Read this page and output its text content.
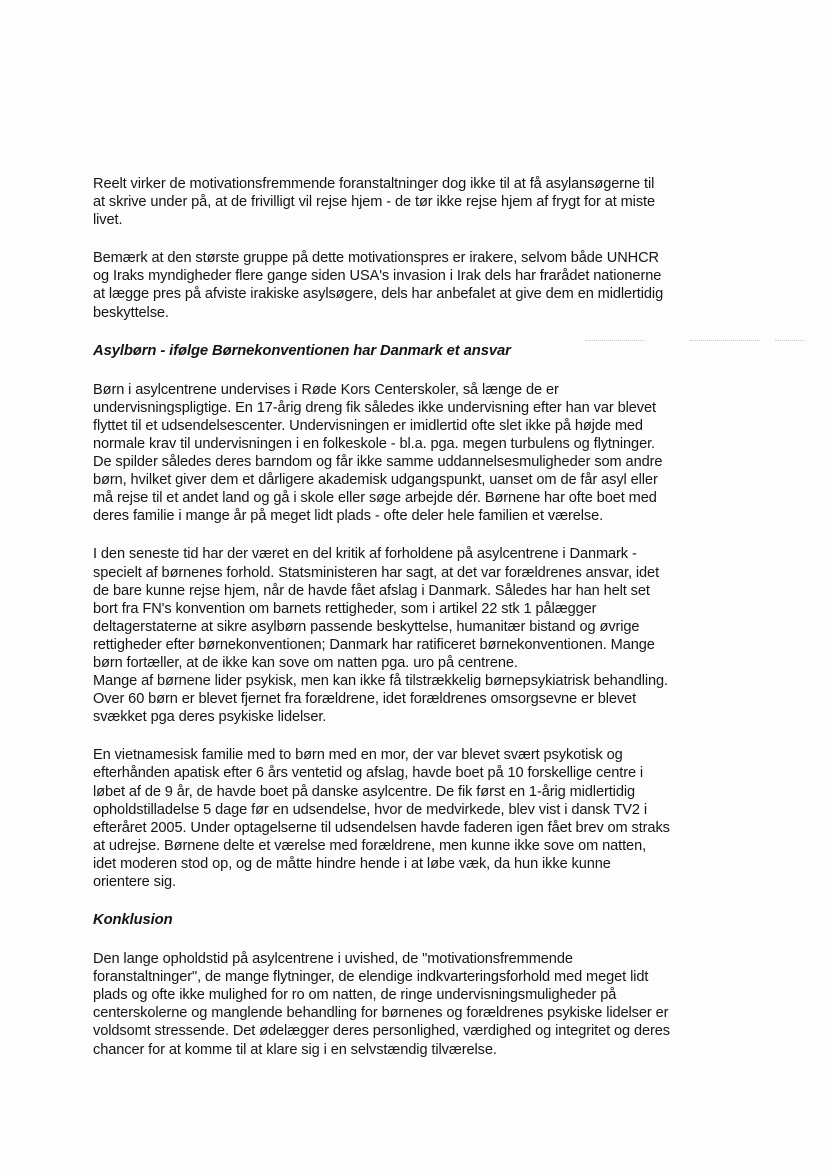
Reelt virker de motivationsfremmende foranstaltninger dog ikke til at få asylansøgerne til
at skrive under på, at de frivilligt vil rejse hjem - de tør ikke rejse hjem af frygt for at miste
livet.
Bemærk at den største gruppe på dette motivationspres er irakere, selvom både UNHCR
og Iraks myndigheder flere gange siden USA's invasion i Irak dels har frarådet nationerne
at lægge pres på afviste irakiske asylsøgere, dels har anbefalet at give dem en midlertidig
beskyttelse.
Asylbørn - ifølge Børnekonventionen har Danmark et ansvar
Børn i asylcentrene undervises i Røde Kors Centerskoler, så længe de er
undervisningspligtige. En 17-årig dreng fik således ikke undervisning efter han var blevet
flyttet til et udsendelsescenter. Undervisningen er imidlertid ofte slet ikke på højde med
normale krav til undervisningen i en folkeskole - bl.a. pga. megen turbulens og flytninger.
De spilder således deres barndom og får ikke samme uddannelsesmuligheder som andre
børn, hvilket giver dem et dårligere akademisk udgangspunkt, uanset om de får asyl eller
må rejse til et andet land og gå i skole eller søge arbejde dér. Børnene har ofte boet med
deres familie i mange år på meget lidt plads - ofte deler hele familien et værelse.
I den seneste tid har der været en del kritik af forholdene på asylcentrene i Danmark -
specielt af børnenes forhold. Statsministeren har sagt, at det var forældrenes ansvar, idet
de bare kunne rejse hjem, når de havde fået afslag i Danmark. Således har han helt set
bort fra FN's konvention om barnets rettigheder, som i artikel 22 stk 1 pålægger
deltagerstaterne at sikre asylbørn passende beskyttelse, humanitær bistand og øvrige
rettigheder efter børnekonventionen; Danmark har ratificeret børnekonventionen. Mange
børn fortæller, at de ikke kan sove om natten pga. uro på centrene.
Mange af børnene lider psykisk, men kan ikke få tilstrækkelig børnepsykiatrisk behandling.
Over 60 børn er blevet fjernet fra forældrene, idet forældrenes omsorgsevne er blevet
svækket pga deres psykiske lidelser.
En vietnamesisk familie med to børn med en mor, der var blevet svært psykotisk og
efterhånden apatisk efter 6 års ventetid og afslag, havde boet på 10 forskellige centre i
løbet af de 9 år, de havde boet på danske asylcentre. De fik først en 1-årig midlertidig
opholdstilladelse 5 dage før en udsendelse, hvor de medvirkede, blev vist i dansk TV2 i
efteråret 2005. Under optagelserne til udsendelsen havde faderen igen fået brev om straks
at udrejse. Børnene delte et værelse med forældrene, men kunne ikke sove om natten,
idet moderen stod op, og de måtte hindre hende i at løbe væk, da hun ikke kunne
orientere sig.
Konklusion
Den lange opholdstid på asylcentrene i uvished, de "motivationsfremmende
foranstaltninger", de mange flytninger, de elendige indkvarteringsforhold med meget lidt
plads og ofte ikke mulighed for ro om natten, de ringe undervisningsmuligheder på
centerskolerne og manglende behandling for børnenes og forældrenes psykiske lidelser er
voldsomt stressende. Det ødelægger deres personlighed, værdighed og integritet og deres
chancer for at komme til at klare sig i en selvstændig tilværelse.
